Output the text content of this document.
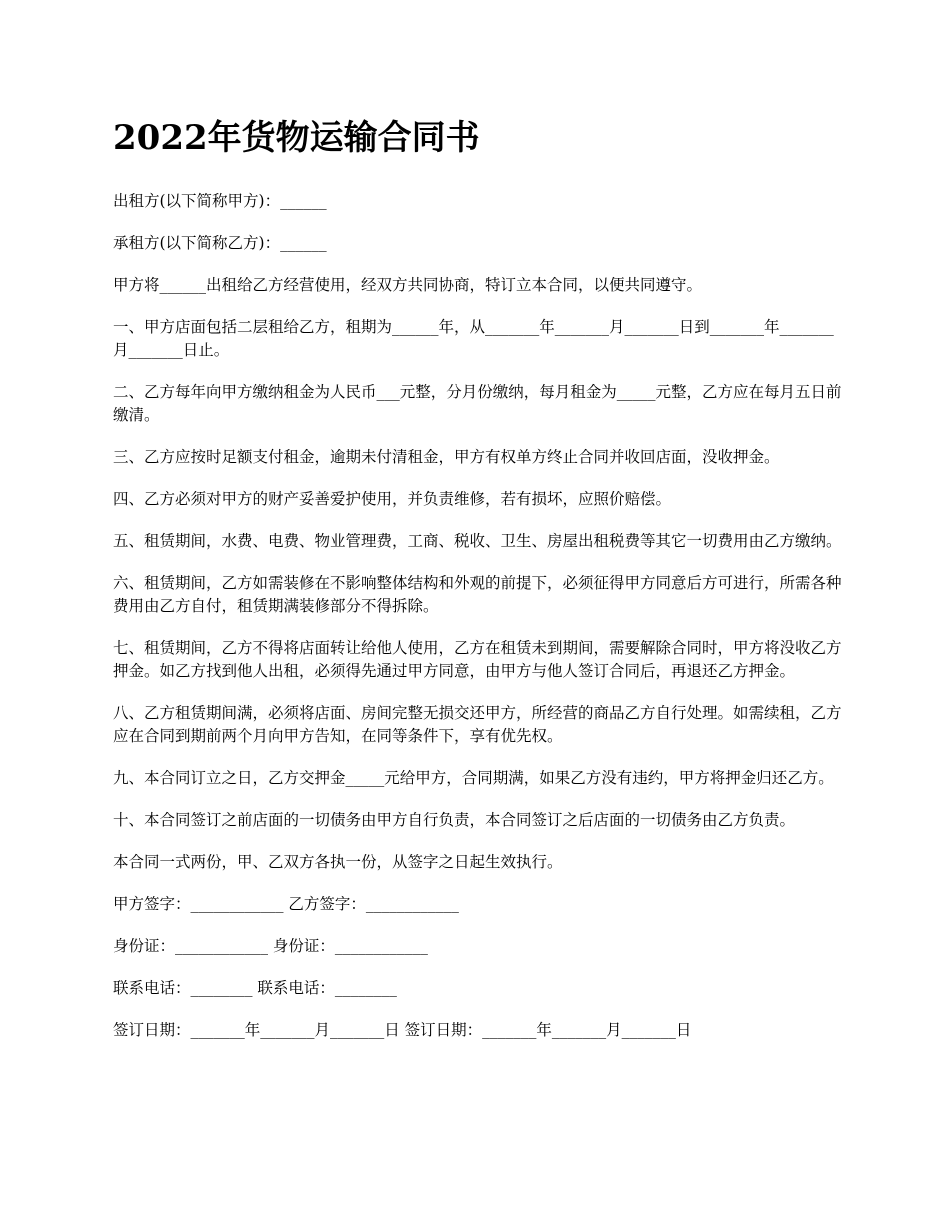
2022年货物运输合同书

出租方(以下简称甲方)：______

承租方(以下简称乙方)：______

甲方将______出租给乙方经营使用，经双方共同协商，特订立本合同，以便共同遵守。

一、甲方店面包括二层租给乙方，租期为______年，从_______年_______月_______日到_______年_______月_______日止。

二、乙方每年向甲方缴纳租金为人民币___元整，分月份缴纳，每月租金为_____元整，乙方应在每月五日前缴清。

三、乙方应按时足额支付租金，逾期未付清租金，甲方有权单方终止合同并收回店面，没收押金。

四、乙方必须对甲方的财产妥善爱护使用，并负责维修，若有损坏，应照价赔偿。

五、租赁期间，水费、电费、物业管理费，工商、税收、卫生、房屋出租税费等其它一切费用由乙方缴纳。

六、租赁期间，乙方如需装修在不影响整体结构和外观的前提下，必须征得甲方同意后方可进行，所需各种费用由乙方自付，租赁期满装修部分不得拆除。

七、租赁期间，乙方不得将店面转让给他人使用，乙方在租赁未到期间，需要解除合同时，甲方将没收乙方押金。如乙方找到他人出租，必须得先通过甲方同意，由甲方与他人签订合同后，再退还乙方押金。

八、乙方租赁期间满，必须将店面、房间完整无损交还甲方，所经营的商品乙方自行处理。如需续租，乙方应在合同到期前两个月向甲方告知，在同等条件下，享有优先权。

九、本合同订立之日，乙方交押金_____元给甲方，合同期满，如果乙方没有违约，甲方将押金归还乙方。

十、本合同签订之前店面的一切债务由甲方自行负责，本合同签订之后店面的一切债务由乙方负责。

本合同一式两份，甲、乙双方各执一份，从签字之日起生效执行。

甲方签字：____________ 乙方签字：____________

身份证：____________ 身份证：____________

联系电话：________ 联系电话：________

签订日期：_______年_______月_______日 签订日期：_______年_______月_______日
